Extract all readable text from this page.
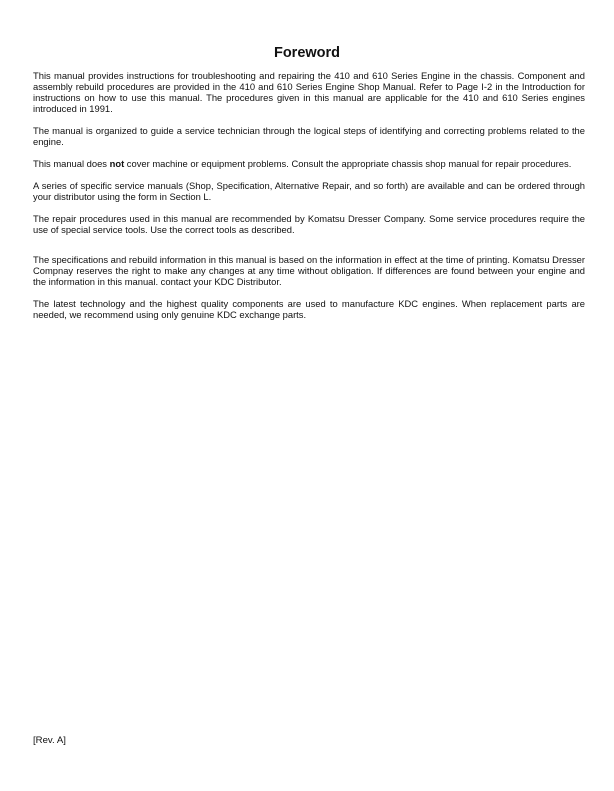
Foreword

This manual provides instructions for troubleshooting and repairing the 410 and 610 Series Engine in the chassis. Component and assembly rebuild procedures are provided in the 410 and 610 Series Engine Shop Manual. Refer to Page I-2 in the Introduction for instructions on how to use this manual. The procedures given in this manual are applicable for the 410 and 610 Series engines introduced in 1991.

The manual is organized to guide a service technician through the logical steps of identifying and correcting problems related to the engine.

This manual does not cover machine or equipment problems. Consult the appropriate chassis shop manual for repair procedures.

A series of specific service manuals (Shop, Specification, Alternative Repair, and so forth) are available and can be ordered through your distributor using the form in Section L.

The repair procedures used in this manual are recommended by Komatsu Dresser Company. Some service procedures require the use of special service tools. Use the correct tools as described.

The specifications and rebuild information in this manual is based on the information in effect at the time of printing. Komatsu Dresser Compnay reserves the right to make any changes at any time without obligation. If differences are found between your engine and the information in this manual. contact your KDC Distributor.

The latest technology and the highest quality components are used to manufacture KDC engines. When replacement parts are needed, we recommend using only genuine KDC exchange parts.

[Rev. A]
